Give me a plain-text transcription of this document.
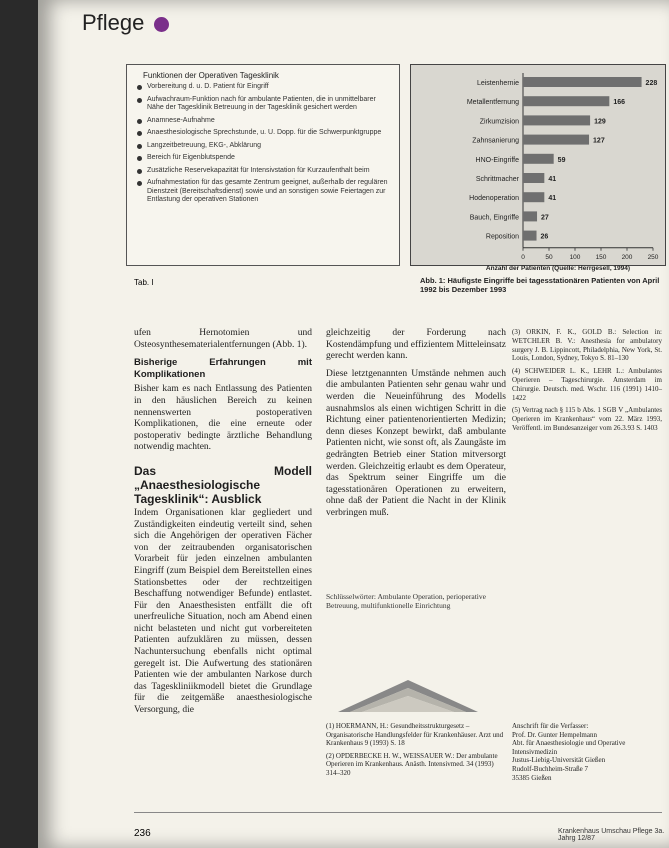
Pflege
Funktionen der Operativen Tagesklinik
Vorbereitung d. u. D. Patient für Eingriff
Aufwachraum-Funktion nach für ambulante Patienten, die in unmittelbarer Nähe der Tagesklinik Betreuung in der Tagesklinik gesichert werden
Anamnese-Aufnahme
Anaesthesiologische Sprechstunde, u. U. Dopp. für die Schwerpunktgruppe
Langzeitbetreuung, EKG-, Abklärung
Bereich für Eigenblutspende
Zusätzliche Reservekapazität für Intensivstation für Kurzaufenthalt beim
Aufnahmestation für das gesamte Zentrum geeignet, außerhalb der regulären Dienstzeit (Bereitschaftsdienst) sowie und an sonstigen sowie Feiertagen zur Entlastung der operativen Stationen
Tab. I
Leistenhernie	228
Metallentfernung	166
Zirkumzision	129
Zahnsanierung	127
HNO-Eingriffe	59
Schrittmacher	41
Hodenoperation	41
Bauch, Eingriffe	27
Reposition	26
0	50	100 150 200 250
Anzahl der Patienten (Quelle: Herrgesell, 1994)
Abb. 1: Häufigste Eingriffe bei tagesstationären Patienten von April 1992 bis Dezember 1993

ufen Hernotomien und Osteosynthesematerialentfernungen (Abb. 1).

Bisherige Erfahrungen mit Komplikationen

Bisher kam es nach Entlassung des Patienten in den häuslichen Bereich zu keinen nennenswerten postoperativen Komplikationen, die eine erneute oder postoperativ bedingte ärztliche Behandlung notwendig machten.

Das Modell „Anaesthesiologische Tagesklinik“: Ausblick

Indem Organisationen klar gegliedert und Zuständigkeiten eindeutig verteilt sind, sehen sich die Angehörigen der operativen Fächer von der zeitraubenden organisatorischen Vorarbeit für jeden einzelnen ambulanten Eingriff (zum Beispiel dem Bereitstellen eines Stationsbettes oder der rechtzeitigen Beschaffung notwendiger Befunde) entlastet. Für den Anaesthesisten entfällt die oft unerfreuliche Situation, noch am Abend einen nicht belasteten und nicht gut vorbereiteten Patienten aufzuklären zu müssen, dessen Nachuntersuchung ebenfalls nicht optimal geregelt ist. Die Aufwertung des stationären Patienten wie der ambulanten Narkose durch das Tageskliniikmodell bietet die Grundlage für die zeitgemäße anaesthesiologische Versorgung, die

gleichzeitig der Forderung nach Kostendämpfung und effizientem Mitteleinsatz gerecht werden kann.

Diese letztgenannten Umstände nehmen auch die ambulanten Patienten sehr genau wahr und werden die Neueinführung des Modells ausnahmslos als einen wichtigen Schritt in die Richtung einer patientenorientierten Medizin; denn dieses Konzept bewirkt, daß ambulante Patienten nicht, wie sonst oft, als Zaungäste im gedrängten Betrieb einer Station mitversorgt werden. Gleichzeitig erlaubt es dem Operateur, das Spektrum seiner Eingriffe um die tagesstationären Operationen zu erweitern, ohne daß der Patient die Nacht in der Klinik verbringen muß.

(3) ORKIN, F. K., GOLD B.: Selection in: WETCHLER B. V.: Anesthesia for ambulatory surgery J. B. Lippincott, Philadelphia, New York, St. Louis, London, Sydney, Tokyo S. 81–130

(4) SCHWEIDER L. K., LEHR L.: Ambulantes Operieren – Tageschirurgie. Amsterdam im Chirurgie. Deutsch. med. Wschr. 116 (1991) 1410–1422

(5) Vertrag nach § 115 b Abs. 1 SGB V „Ambulantes Operieren im Krankenhaus“ vom 22. März 1993, Veröffentl. im Bundesanzeiger vom 26.3.93 S. 1403

Schlüsselwörter: Ambulante Operation, perioperative Betreuung, multifunktionelle Einrichtung

(1) HOERMANN, H.: Gesundheitsstrukturgesetz – Organisatorische Handlungsfelder für Krankenhäuser. Arzt und Krankenhaus 9 (1993) S. 18

(2) OPDERBECKE H. W., WEISSAUER W.: Der ambulante Operieren im Krankenhaus. Anästh. Intensivmed. 34 (1993) 314–320

Anschrift für die Verfasser:

Prof. Dr. Gunter Hempelmann

Abt. für Anaesthesiologie und Operative Intensivmedizin

Justus-Liebig-Universität Gießen

Rudolf-Buchheim-Straße 7

35385 Gießen

236	Krankenhaus Umschau Pflege 3a. Jahrg 12/87
